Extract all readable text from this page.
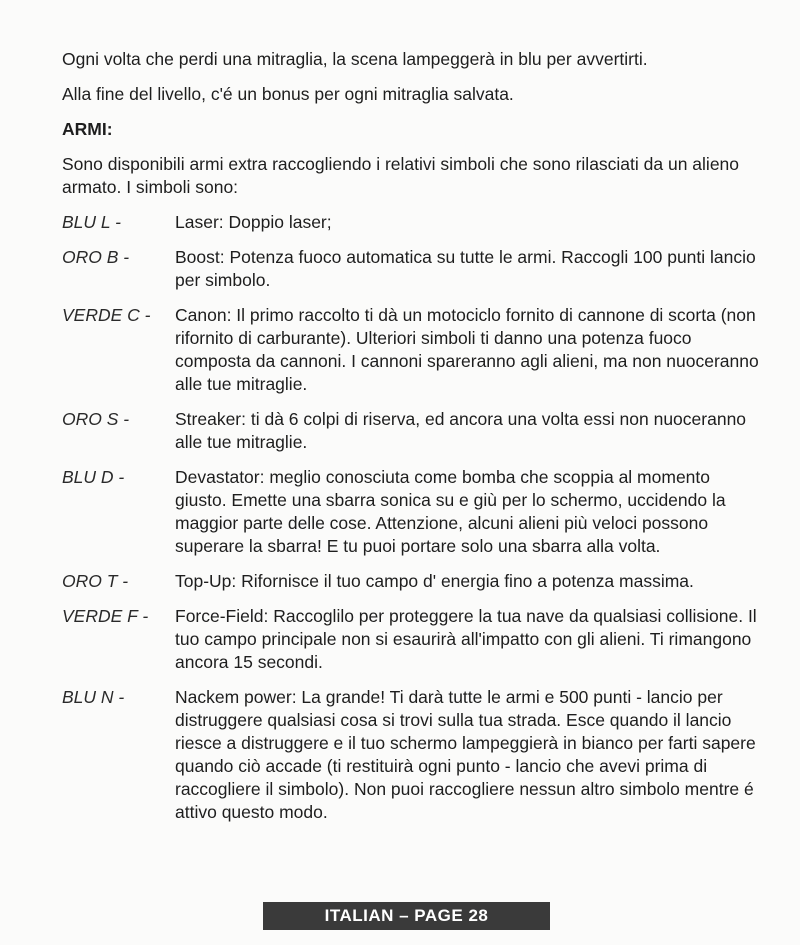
Ogni volta che perdi una mitraglia, la scena lampeggerà in blu per avvertirti.

Alla fine del livello, c'é un bonus per ogni mitraglia salvata.

ARMI:

Sono disponibili armi extra raccogliendo i relativi simboli che sono rilasciati da un alieno armato. I simboli sono:

BLU L -	Laser: Doppio laser;
ORO B -	Boost: Potenza fuoco automatica su tutte le armi. Raccogli 100 punti lancio per simbolo.
VERDE C -	Canon: Il primo raccolto ti dà un motociclo fornito di cannone di scorta (non rifornito di carburante). Ulteriori simboli ti danno una potenza fuoco composta da cannoni. I cannoni spareranno agli alieni, ma non nuoceranno alle tue mitraglie.
ORO S -	Streaker: ti dà 6 colpi di riserva, ed ancora una volta essi non nuoceranno alle tue mitraglie.
BLU D -	Devastator: meglio conosciuta come bomba che scoppia al momento giusto. Emette una sbarra sonica su e giù per lo schermo, uccidendo la maggior parte delle cose. Attenzione, alcuni alieni più veloci possono superare la sbarra! E tu puoi portare solo una sbarra alla volta.
ORO T -	Top-Up: Rifornisce il tuo campo d' energia fino a potenza massima.
VERDE F -	Force-Field: Raccoglilo per proteggere la tua nave da qualsiasi collisione. Il tuo campo principale non si esaurirà all'impatto con gli alieni. Ti rimangono ancora 15 secondi.
BLU N -	Nackem power: La grande! Ti darà tutte le armi e 500 punti - lancio per distruggere qualsiasi cosa si trovi sulla tua strada. Esce quando il lancio riesce a distruggere e il tuo schermo lampeggierà in bianco per farti sapere quando ciò accade (ti restituirà ogni punto - lancio che avevi prima di raccogliere il simbolo). Non puoi raccogliere nessun altro simbolo mentre é attivo questo modo.
ITALIAN – PAGE 28
